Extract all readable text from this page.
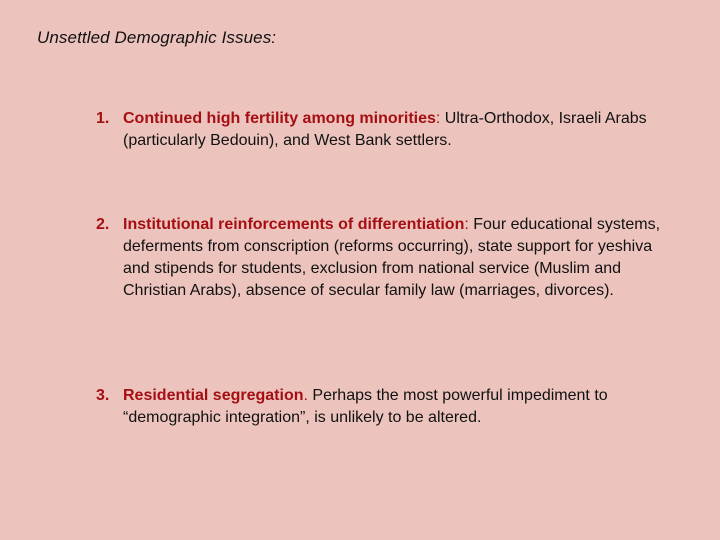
Unsettled Demographic Issues:
1. Continued high fertility among minorities: Ultra-Orthodox, Israeli Arabs (particularly Bedouin), and West Bank settlers.
2. Institutional reinforcements of differentiation: Four educational systems, deferments from conscription (reforms occurring), state support for yeshiva and stipends for students, exclusion from national service (Muslim and Christian Arabs), absence of secular family law (marriages, divorces).
3. Residential segregation. Perhaps the most powerful impediment to “demographic integration”, is unlikely to be altered.
